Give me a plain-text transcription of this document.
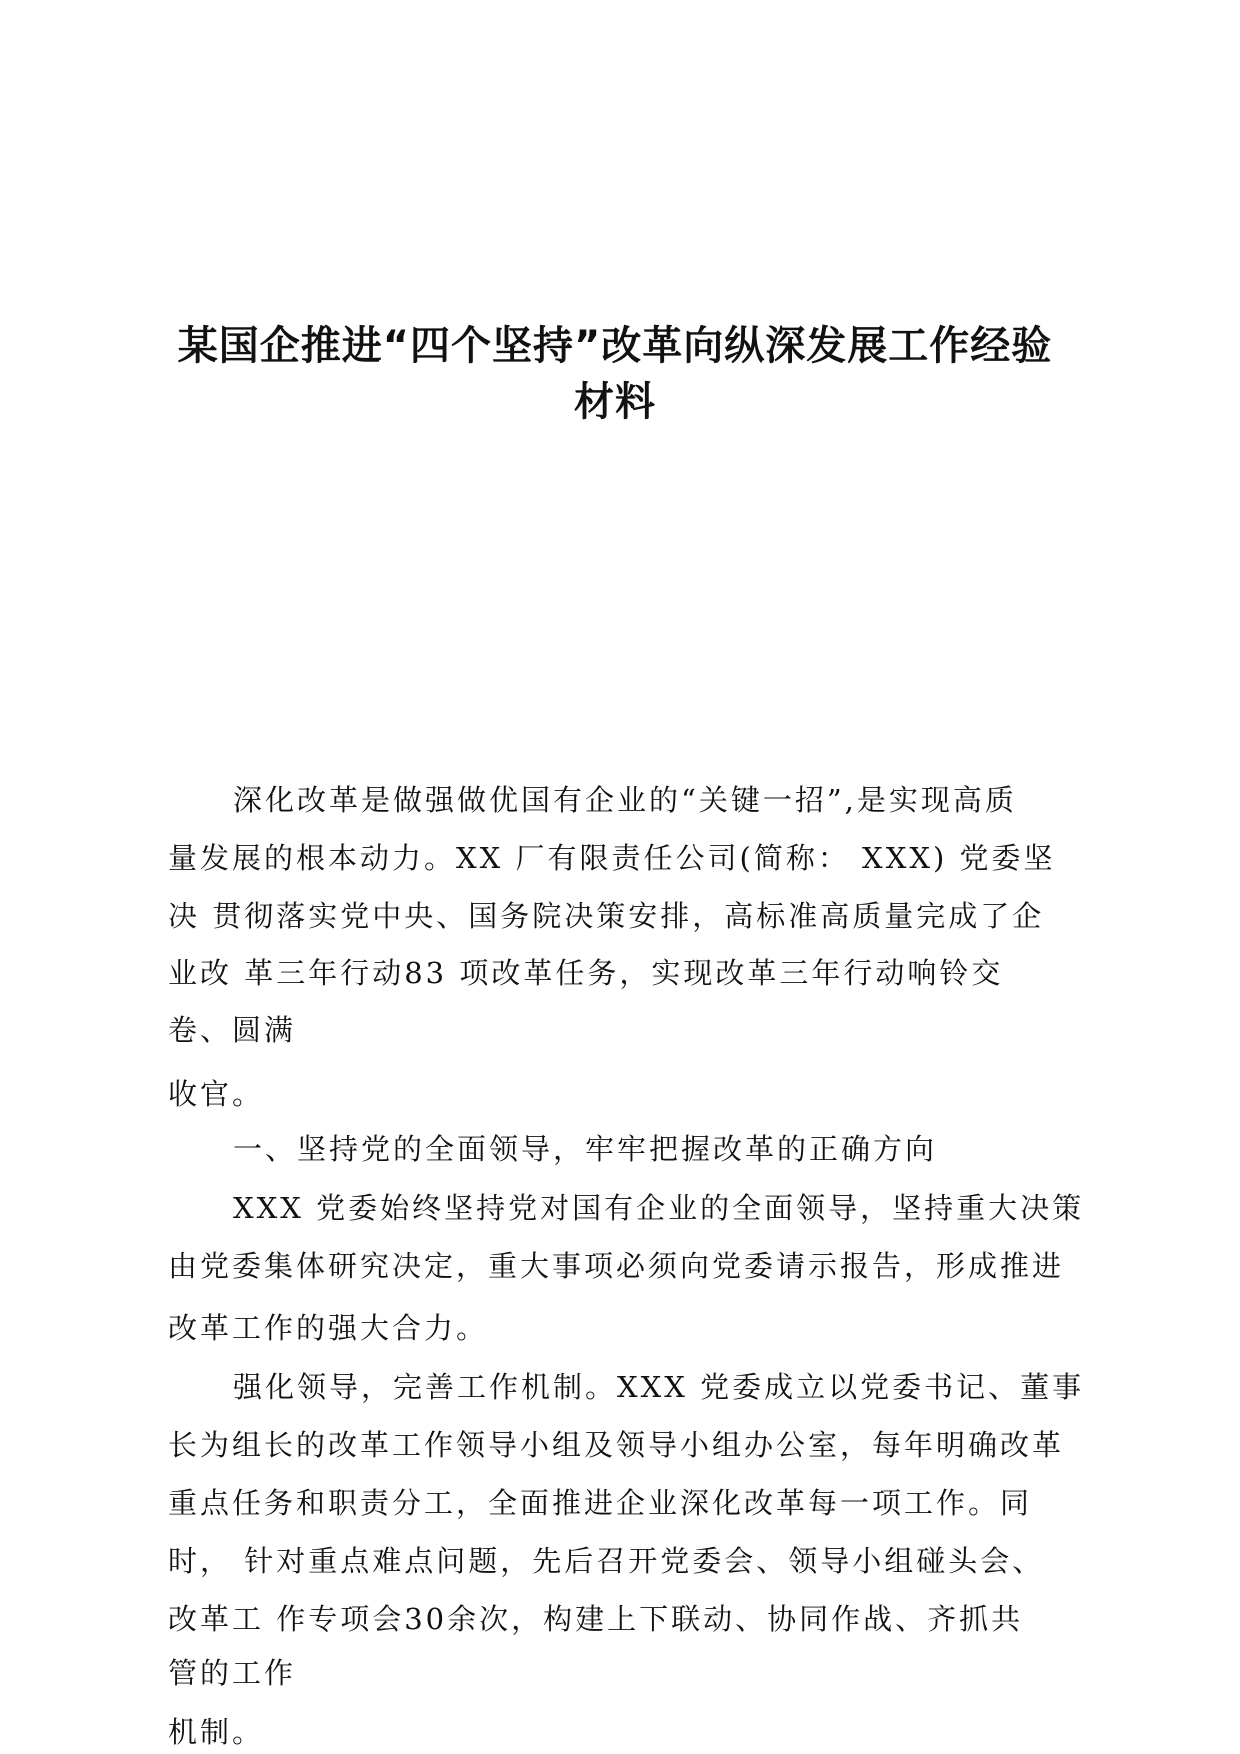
某国企推进“四个坚持”改革向纵深发展工作经验
材料

深化改革是做强做优国有企业的“关键一招”,是实现高质

量发展的根本动力。XX 厂有限责任公司(简称： XXX) 党委坚

决 贯彻落实党中央、国务院决策安排，高标准高质量完成了企

业改 革三年行动83 项改革任务，实现改革三年行动响铃交

卷、圆满

收官。

一、坚持党的全面领导，牢牢把握改革的正确方向

XXX 党委始终坚持党对国有企业的全面领导，坚持重大决策

由党委集体研究决定，重大事项必须向党委请示报告，形成推进

改革工作的强大合力。

强化领导，完善工作机制。XXX 党委成立以党委书记、董事

长为组长的改革工作领导小组及领导小组办公室，每年明确改革

重点任务和职责分工，全面推进企业深化改革每一项工作。同

时， 针对重点难点问题，先后召开党委会、领导小组碰头会、

改革工 作专项会30余次，构建上下联动、协同作战、齐抓共

管的工作

机制。
